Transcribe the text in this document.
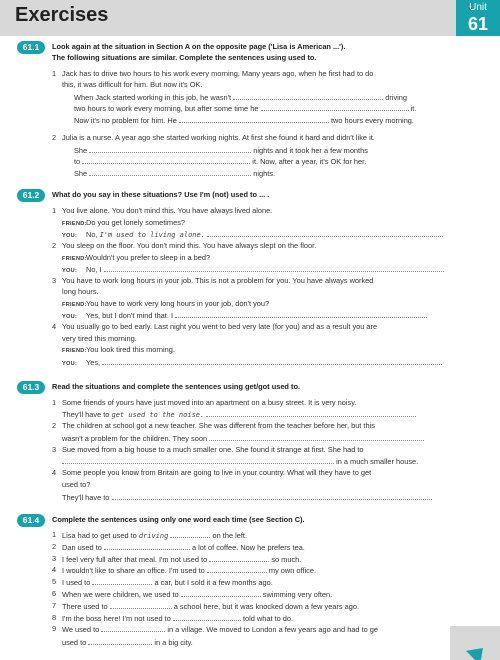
Exercises	Unit
61
61.1	Look again at the situation in Section A on the opposite page ('Lisa is American ...').
The following situations are similar. Complete the sentences using used to.
1 Jack has to drive two hours to his work every morning. Many years ago, when he first had to do
this, it was difficult for him. But now it's OK.
When Jack started working in this job, he wasn't	driving
two hours to work every morning, but after some time he	it.
Now it's no problem for him. He	two hours every morning.
2 Julia is a nurse. A year ago she started working nights. At first she found it hard and didn't like it.
She	nights and it took her a few months
to	it. Now, after a year, it's OK for her.
She	nights.
61.2	What do you say in these situations? Use I'm (not) used to ... .
1 You live alone. You don't mind this. You have always lived alone.
FRIEND:Do you get lonely sometimes?
YOU: No, I'm used to living alone.
2 You sleep on the floor. You don't mind this. You have always slept on the floor.
FRIEND:Wouldn't you prefer to sleep in a bed?
YOU: No, I
3 You have to work long hours in your job. This is not a problem for you. You have always worked
long hours.
FRIEND:You have to work very long hours in your job, don't you?
YOU: Yes, but I don't mind that. I
4 You usually go to bed early. Last night you went to bed very late (for you) and as a result you are
very tired this morning.
FRIEND:You look tired this morning.
YOU: Yes,
61.3	Read the situations and complete the sentences using get/got used to.
1 Some friends of yours have just moved into an apartment on a busy street. It is very noisy.
They'll have to get used to the noise.
2 The children at school got a new teacher. She was different from the teacher before her, but this
wasn't a problem for the children. They soon
3 Sue moved from a big house to a much smaller one. She found it strange at first. She had to
in a much smaller house.
4 Some people you know from Britain are going to live in your country. What will they have to get
used to?
They'll have to
61.4	Complete the sentences using only one word each time (see Section C).
1 Lisa had to get used to driving	on the left.
2 Dan used to	a lot of coffee. Now he prefers tea.
3 I feel very full after that meal. I'm not used to	so much.
4 I wouldn't like to share an office. I'm used to	my own office.
5 I used to	a car, but I sold it a few months ago.
6 When we were children, we used to	swimming very often.
7 There used to	a school here, but it was knocked down a few years ago.
8 I'm the boss here! I'm not used to	told what to do.
9 We used to	in a village. We moved to London a few years ago and had to ge
used to	in a big city.
